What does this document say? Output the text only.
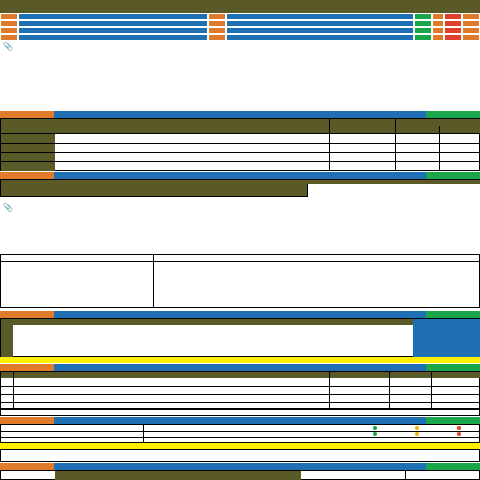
📎
📎
